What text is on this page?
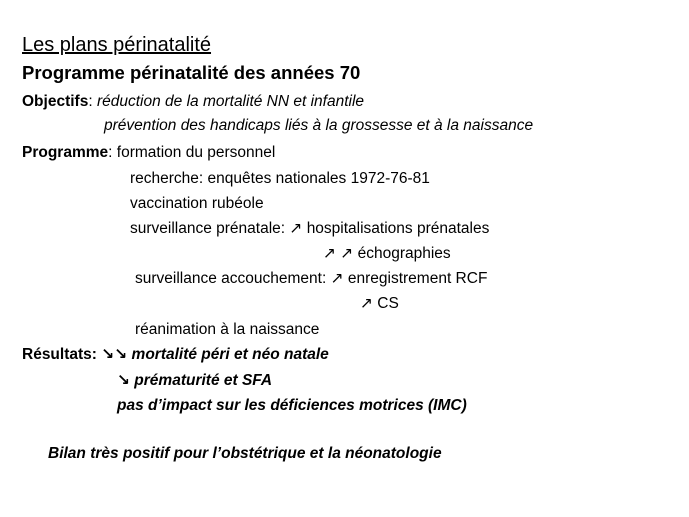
Les plans périnatalité
Programme périnatalité des années 70
Objectifs: réduction de la mortalité NN et infantile
prévention des handicaps liés à la grossesse et à la naissance
Programme: formation du personnel
recherche: enquêtes nationales 1972-76-81
vaccination rubéole
surveillance prénatale: ↗ hospitalisations prénatales
↗ ↗ échographies
surveillance accouchement: ↗ enregistrement RCF
↗ CS
réanimation à la naissance
Résultats: ↘↘ mortalité péri et néo natale
↘ prématurité et SFA
pas d’impact sur les déficiences motrices (IMC)
Bilan très positif pour l’obstétrique et la néonatologie
